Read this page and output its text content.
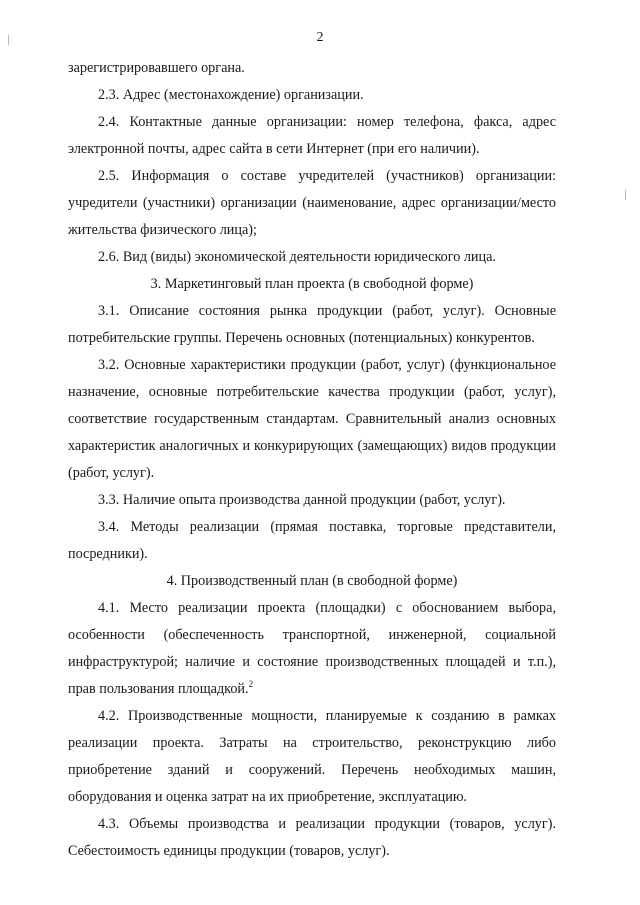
2

зарегистрировавшего органа.

2.3. Адрес (местонахождение) организации.

2.4. Контактные данные организации: номер телефона, факса, адрес электронной почты, адрес сайта в сети Интернет (при его наличии).

2.5. Информация о составе учредителей (участников) организации: учредители (участники) организации (наименование, адрес организации/место жительства физического лица);

2.6. Вид (виды) экономической деятельности юридического лица.

3. Маркетинговый план проекта (в свободной форме)

3.1. Описание состояния рынка продукции (работ, услуг). Основные потребительские группы. Перечень основных (потенциальных) конкурентов.

3.2. Основные характеристики продукции (работ, услуг) (функциональное назначение, основные потребительские качества продукции (работ, услуг), соответствие государственным стандартам. Сравнительный анализ основных характеристик аналогичных и конкурирующих (замещающих) видов продукции (работ, услуг).

3.3. Наличие опыта производства данной продукции (работ, услуг).

3.4. Методы реализации (прямая поставка, торговые представители, посредники).

4. Производственный план (в свободной форме)

4.1. Место реализации проекта (площадки) с обоснованием выбора, особенности (обеспеченность транспортной, инженерной, социальной инфраструктурой; наличие и состояние производственных площадей и т.п.), прав пользования площадкой.$^2$

4.2. Производственные мощности, планируемые к созданию в рамках реализации проекта. Затраты на строительство, реконструкцию либо приобретение зданий и сооружений. Перечень необходимых машин, оборудования и оценка затрат на их приобретение, эксплуатацию.

4.3. Объемы производства и реализации продукции (товаров, услуг). Себестоимость единицы продукции (товаров, услуг).
